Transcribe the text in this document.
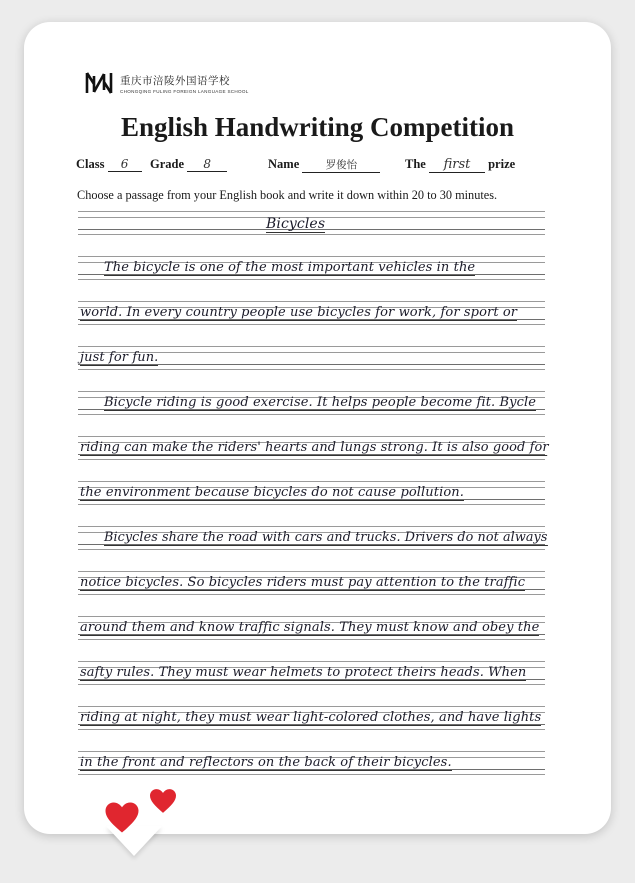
重庆市涪陵外国语学校
CHONGQING FULING FOREIGN LANGUAGE SCHOOL
English Handwriting Competition
Class 6	Grade 8	Name	罗俊怡	The first prize
Choose a passage from your English book and write it down within 20 to 30 minutes.
Bicycles
The bicycle is one of the most important vehicles in the
world. In every country people use bicycles for work, for sport or
just for fun.
Bicycle riding is good exercise. It helps people become fit. Bycle
riding can make the riders' hearts and lungs strong. It is also good for
the environment because bicycles do not cause pollution.
Bicycles share the road with cars and trucks. Drivers do not always
notice bicycles. So bicycles riders must pay attention to the traffic
around them and know traffic signals. They must know and obey the
safty rules. They must wear helmets to protect theirs heads. When
riding at night, they must wear light-colored clothes, and have lights
in the front and reflectors on the back of their bicycles.
